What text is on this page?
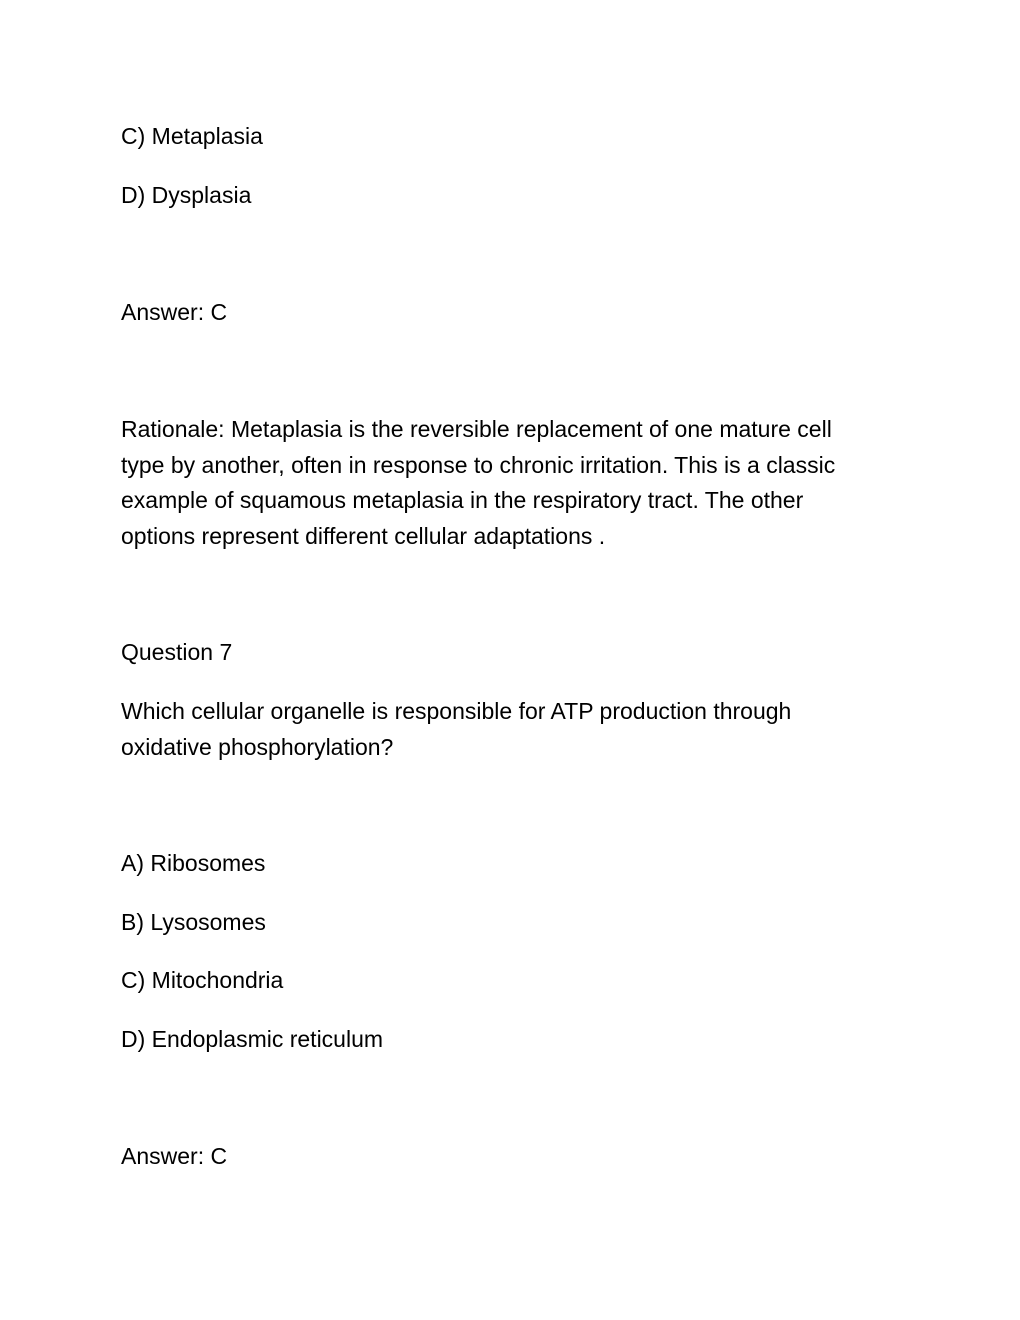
C) Metaplasia
D) Dysplasia
Answer: C
Rationale: Metaplasia is the reversible replacement of one mature cell
type by another, often in response to chronic irritation. This is a classic
example of squamous metaplasia in the respiratory tract. The other
options represent different cellular adaptations .
Question 7
Which cellular organelle is responsible for ATP production through
oxidative phosphorylation?
A) Ribosomes
B) Lysosomes
C) Mitochondria
D) Endoplasmic reticulum
Answer: C
